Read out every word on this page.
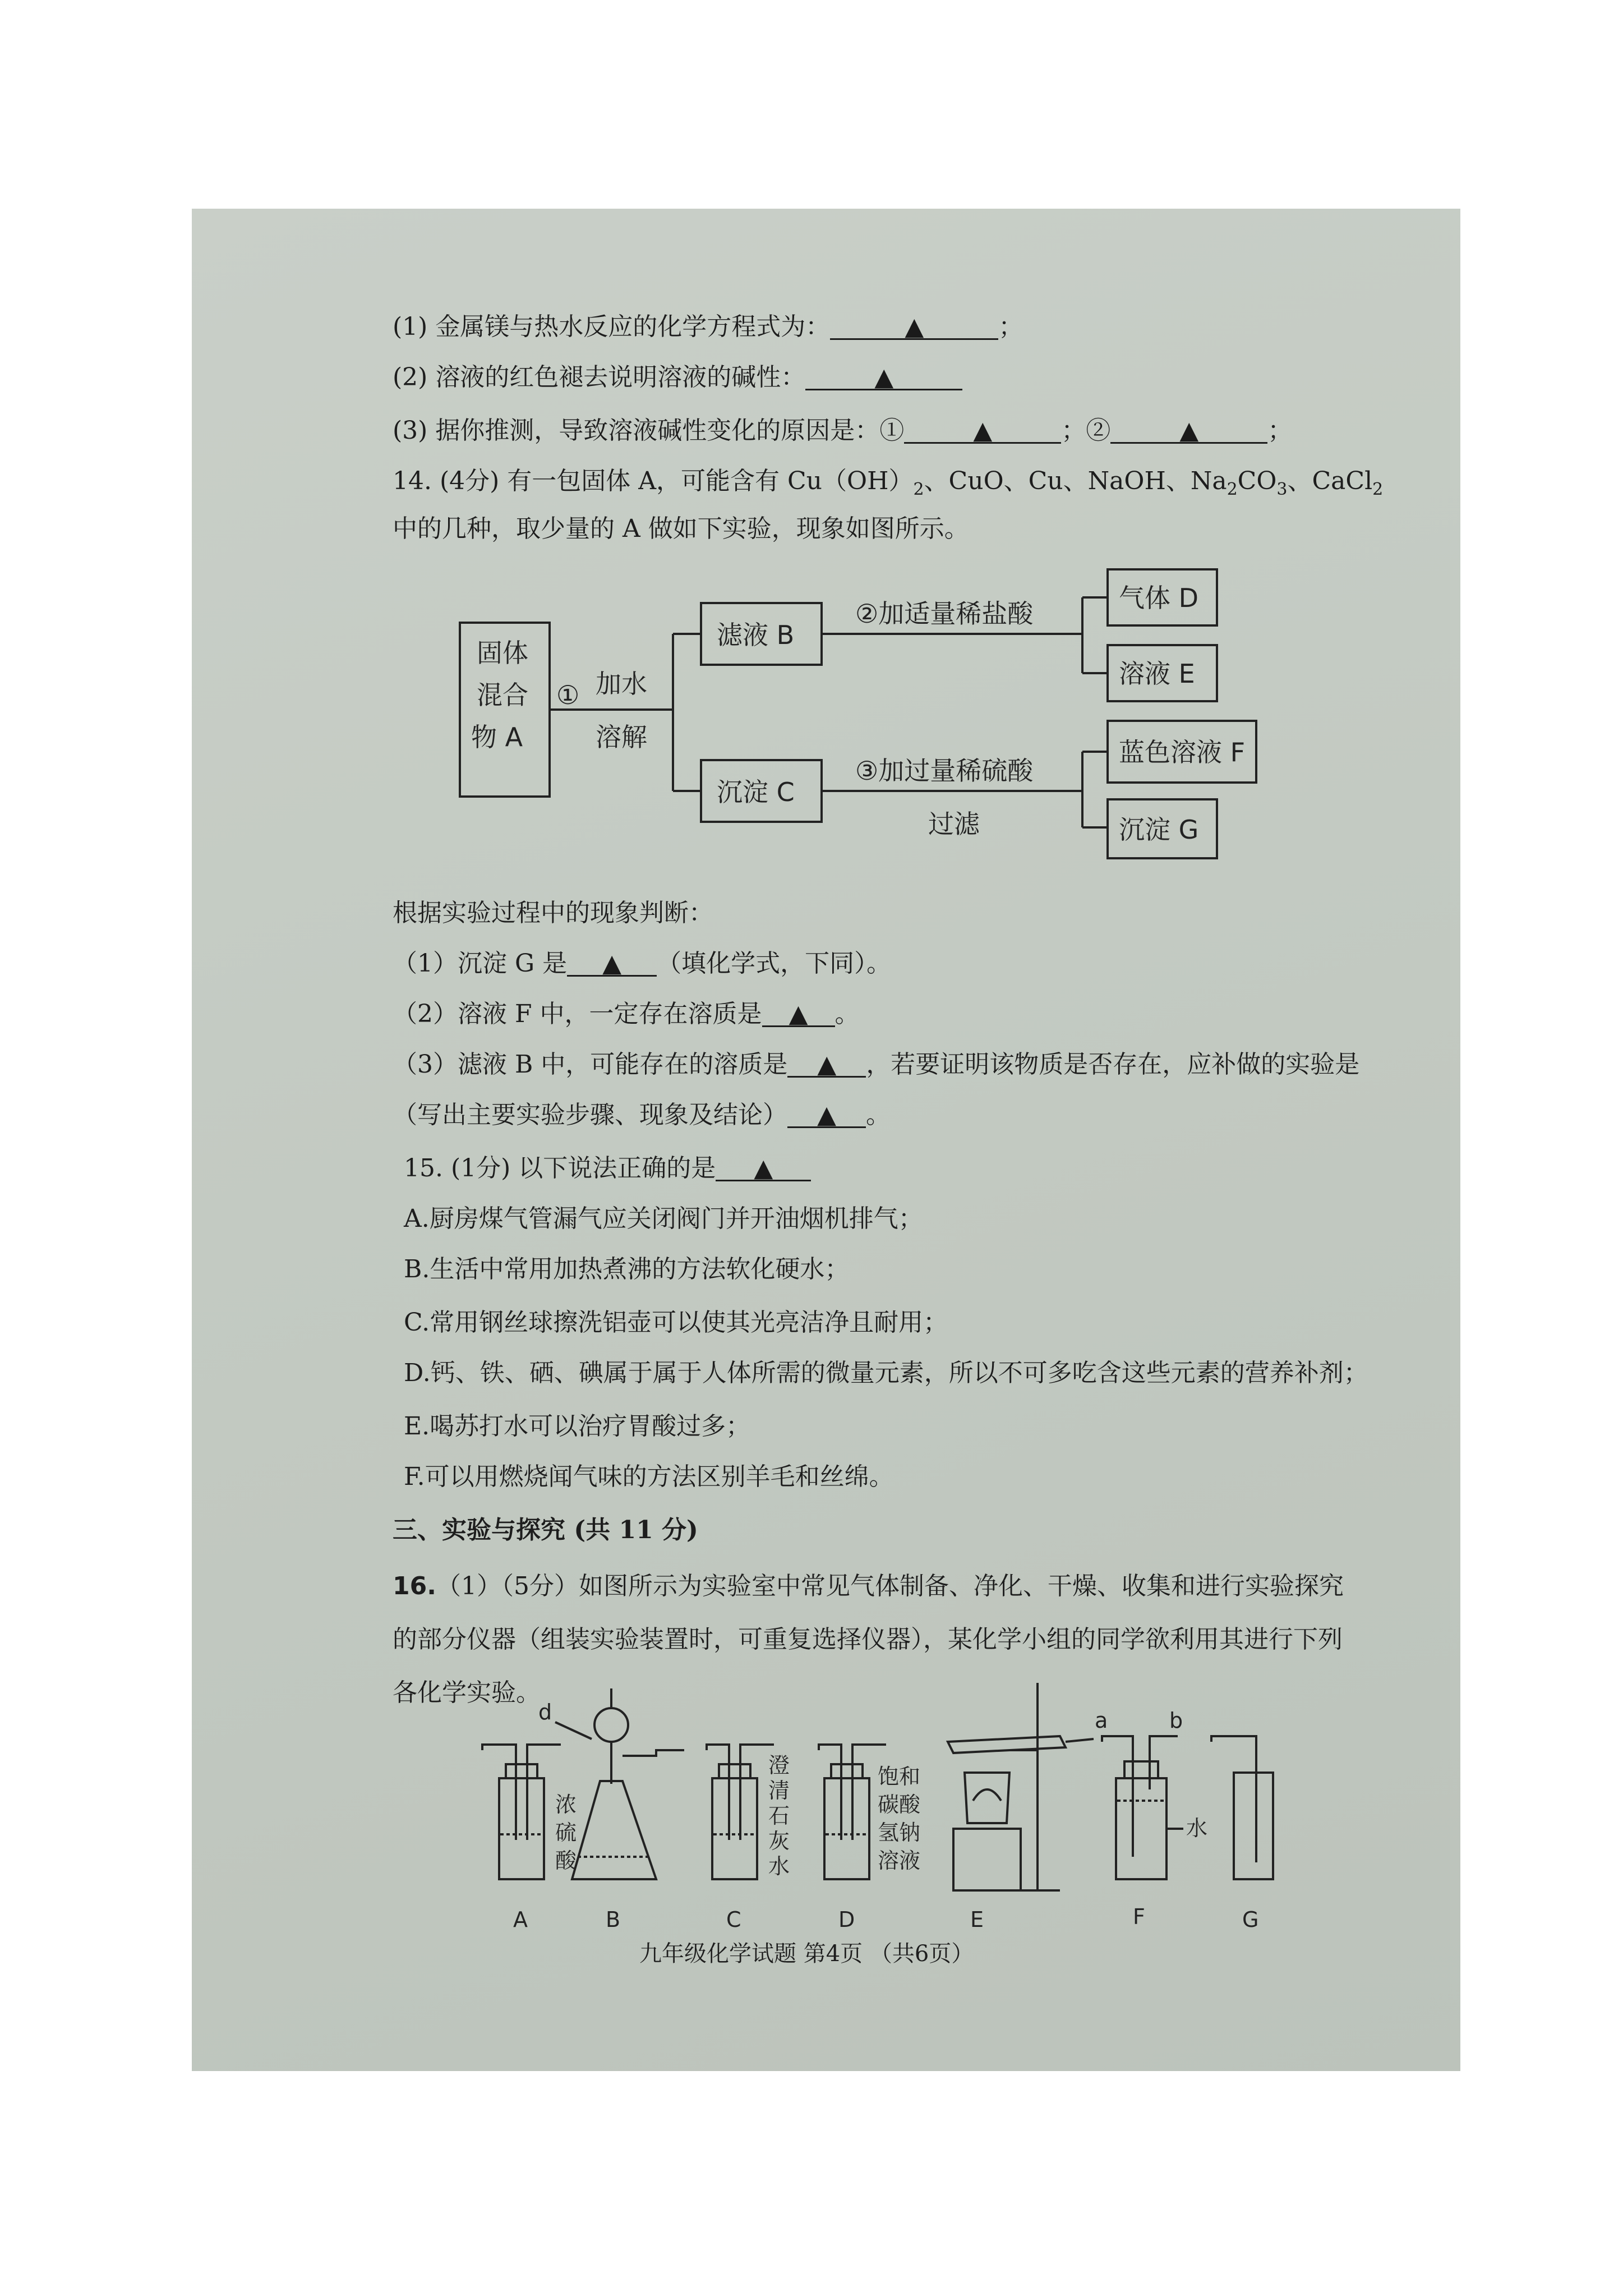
(1) 金属镁与热水反应的化学方程式为：	▲	；
(2) 溶液的红色褪去说明溶液的碱性：	▲
(3) 据你推测，导致溶液碱性变化的原因是：①	▲	；②	▲	；
14. (4分) 有一包固体 A，可能含有 $Cu(OH)_2$、CuO、Cu、NaOH、$Na_2CO_3$、CaCl$_2$
中的几种，取少量的 A 做如下实验，现象如图所示。
固体
混合
物 A
① 加水
溶解
滤液 B
沉淀 C
②加适量稀盐酸
③加过量稀硫酸
过滤
气体 D
溶液 E
蓝色溶液 F
沉淀 G
根据实验过程中的现象判断：
（1）沉淀 G 是 ▲ （填化学式，下同）。
（2）溶液 F 中，一定存在溶质是 ▲ 。
（3）滤液 B 中，可能存在的溶质是 ▲ ，若要证明该物质是否存在，应补做的实验是
（写出主要实验步骤、现象及结论） ▲ 。
15. (1分) 以下说法正确的是 ▲
A.厨房煤气管漏气应关闭阀门并开油烟机排气；
B.生活中常用加热煮沸的方法软化硬水；
C.常用钢丝球擦洗铝壶可以使其光亮洁净且耐用；
D.钙、铁、硒、碘属于属于人体所需的微量元素，所以不可多吃含这些元素的营养补剂；
E.喝苏打水可以治疗胃酸过多；
F.可以用燃烧闻气味的方法区别羊毛和丝绵。
三、实验与探究 (共 11 分)
16.（1）（5分）如图所示为实验室中常见气体制备、净化、干燥、收集和进行实验探究
的部分仪器（组装实验装置时，可重复选择仪器），某化学小组的同学欲利用其进行下列
各化学实验。
d
浓
硫
酸
澄
清
石
灰
水
饱和
碳酸
氢钠
溶液
a	b
水
A	B	C	D	E	F	G
九年级化学试题 第4页 （共6页）
